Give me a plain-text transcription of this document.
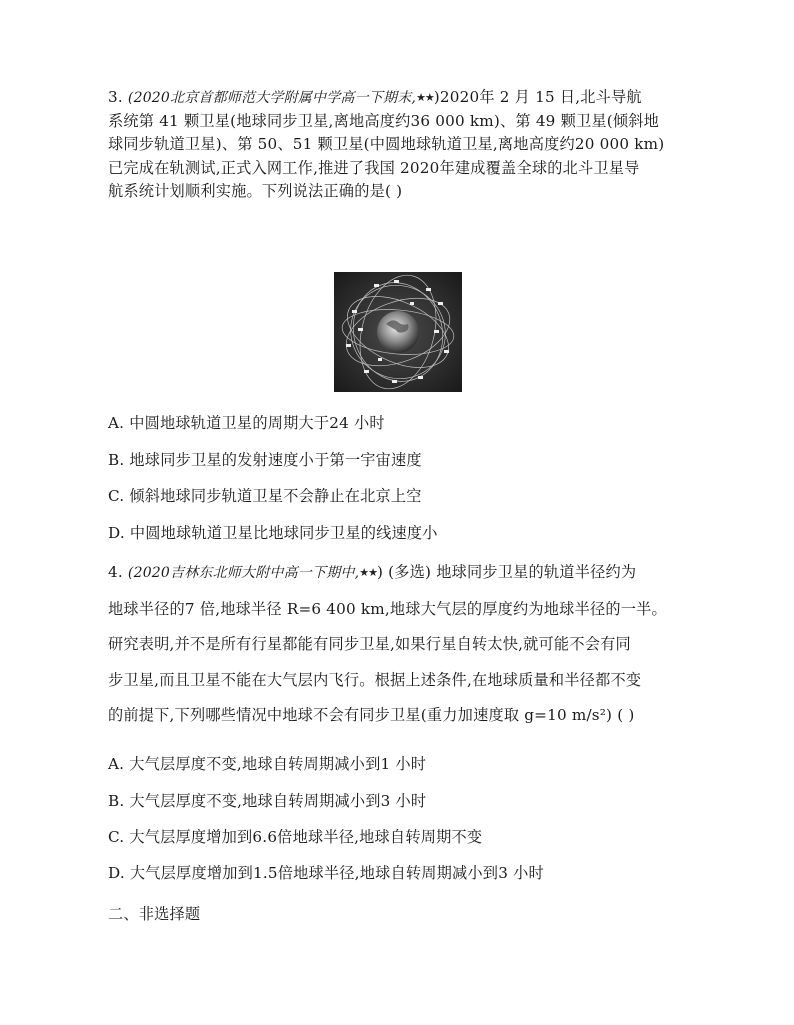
3. (2020北京首都师范大学附属中学高一下期末,★★)2020年 2 月 15 日,北斗导航

系统第 41 颗卫星(地球同步卫星,离地高度约36 000 km)、第 49 颗卫星(倾斜地

球同步轨道卫星)、第 50、51 颗卫星(中圆地球轨道卫星,离地高度约20 000 km)

已完成在轨测试,正式入网工作,推进了我国 2020年建成覆盖全球的北斗卫星导

航系统计划顺利实施。下列说法正确的是( )

A. 中圆地球轨道卫星的周期大于24 小时
B. 地球同步卫星的发射速度小于第一宇宙速度
C. 倾斜地球同步轨道卫星不会静止在北京上空
D. 中圆地球轨道卫星比地球同步卫星的线速度小

4. (2020吉林东北师大附中高一下期中,★★) (多选) 地球同步卫星的轨道半径约为

地球半径的7 倍,地球半径 R=6 400 km,地球大气层的厚度约为地球半径的一半。

研究表明,并不是所有行星都能有同步卫星,如果行星自转太快,就可能不会有同

步卫星,而且卫星不能在大气层内飞行。根据上述条件,在地球质量和半径都不变

的前提下,下列哪些情况中地球不会有同步卫星(重力加速度取 g=10 m/s²) ( )

A. 大气层厚度不变,地球自转周期减小到1 小时
B. 大气层厚度不变,地球自转周期减小到3 小时
C. 大气层厚度增加到6.6倍地球半径,地球自转周期不变
D. 大气层厚度增加到1.5倍地球半径,地球自转周期减小到3 小时
二、非选择题
